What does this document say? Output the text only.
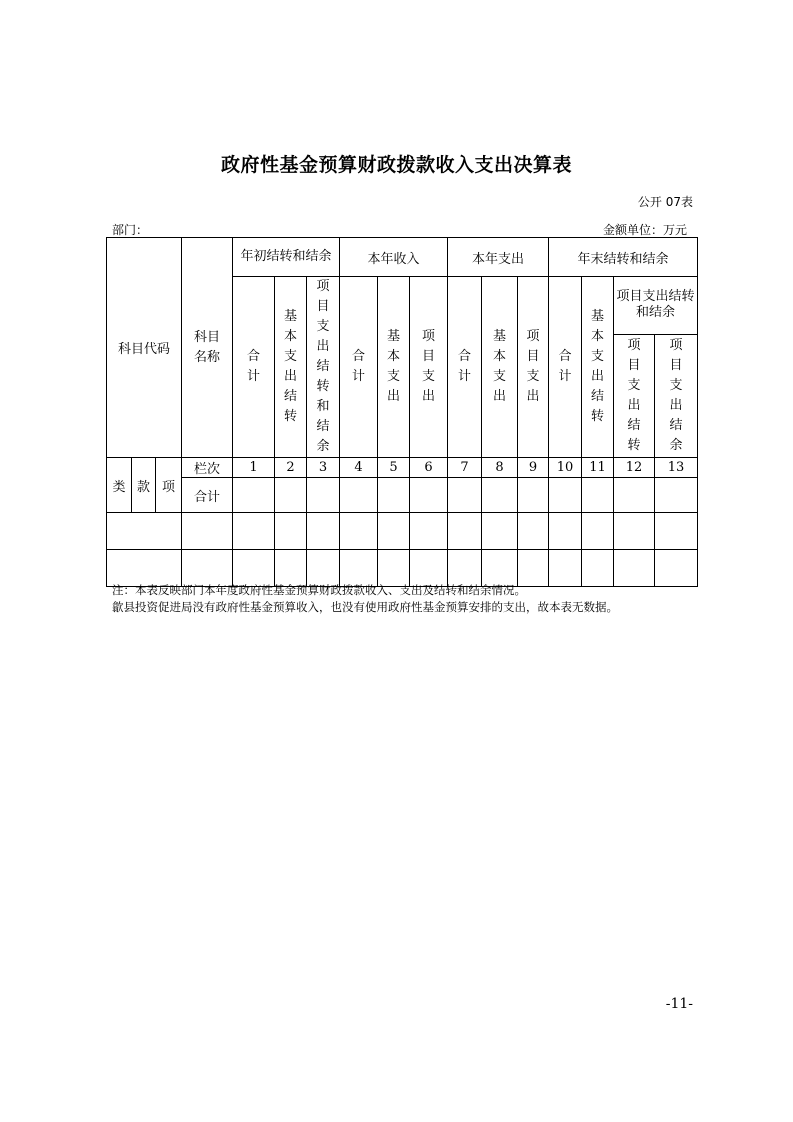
政府性基金预算财政拨款收入支出决算表
公开 07表
部门：	金额单位：万元
科目代码			科目名称	年初结转和结余			本年收入			本年支出			年末结转和结余			
				合计	基本支出结转	项目支出结转和结余	合计	基本支出	项目支出	合计	基本支出	项目支出	合计	基本支出结转	项目支出结转和结余	
															项目支出结转	项目支出结余
类	款	项	栏次	1	2	3	4	5	6	7	8	9	10	11	12	13
			合计													

注：本表反映部门本年度政府性基金预算财政拨款收入、支出及结转和结余情况。
歙县投资促进局没有政府性基金预算收入，也没有使用政府性基金预算安排的支出，故本表无数据。
-11-
